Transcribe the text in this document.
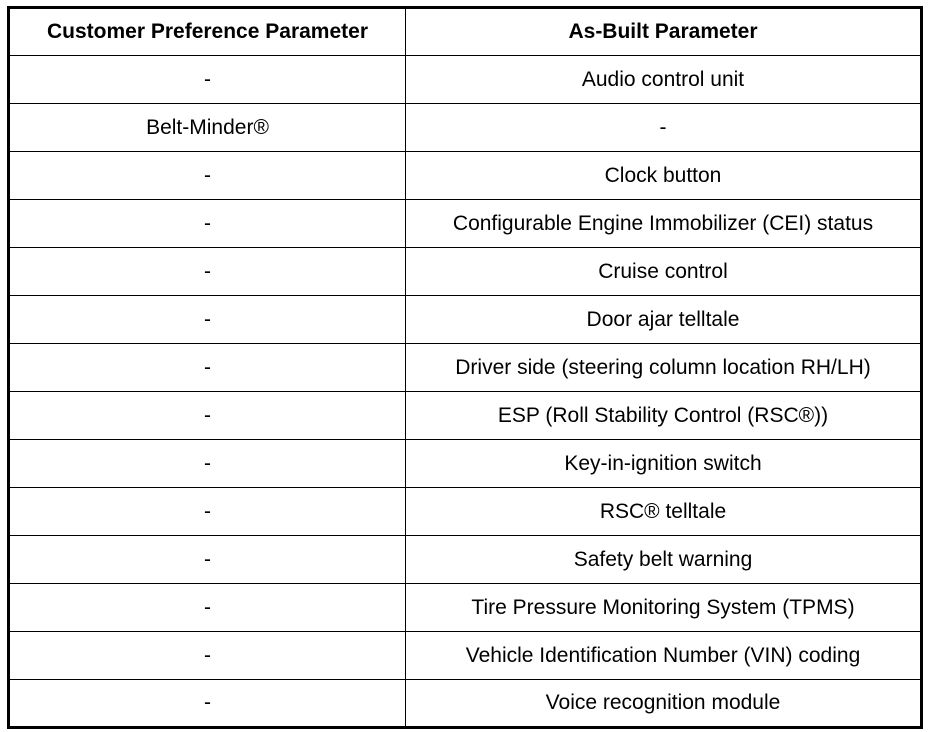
Customer Preference Parameter	As-Built Parameter
-	Audio control unit
Belt-Minder®	-
-	Clock button
-	Configurable Engine Immobilizer (CEI) status
-	Cruise control
-	Door ajar telltale
-	Driver side (steering column location RH/LH)
-	ESP (Roll Stability Control (RSC®))
-	Key-in-ignition switch
-	RSC® telltale
-	Safety belt warning
-	Tire Pressure Monitoring System (TPMS)
-	Vehicle Identification Number (VIN) coding
-	Voice recognition module
